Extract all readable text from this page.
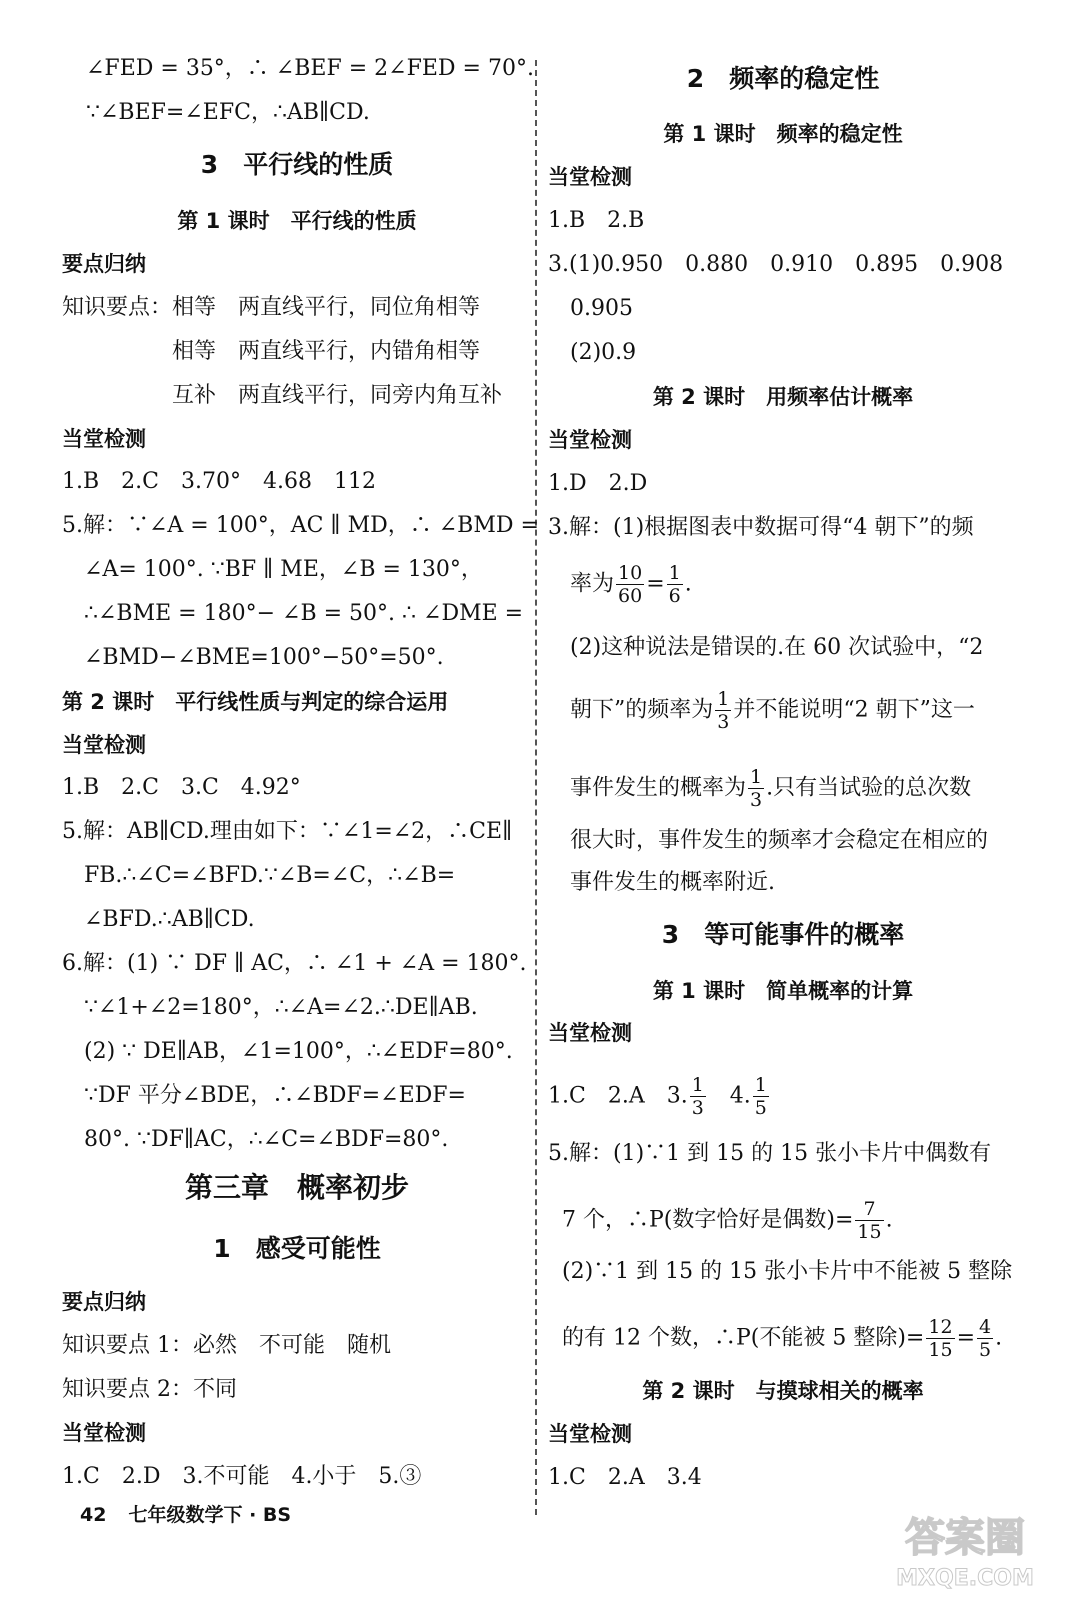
∠FED = 35°，∴ ∠BEF = 2∠FED = 70°.
∵∠BEF=∠EFC，∴AB∥CD.
3　平行线的性质
第 1 课时　平行线的性质
要点归纳
知识要点：相等　两直线平行，同位角相等
相等　两直线平行，内错角相等
互补　两直线平行，同旁内角互补
当堂检测
1.B　2.C　3.70°　4.68　112
5.解：∵∠A = 100°，AC ∥ MD，∴ ∠BMD =
∠A= 100°. ∵BF ∥ ME，∠B = 130°，
∴∠BME = 180°− ∠B = 50°. ∴ ∠DME =
∠BMD−∠BME=100°−50°=50°.
第 2 课时　平行线性质与判定的综合运用
当堂检测
1.B　2.C　3.C　4.92°
5.解：AB∥CD.理由如下：∵∠1=∠2，∴CE∥
FB.∴∠C=∠BFD.∵∠B=∠C，∴∠B=
∠BFD.∴AB∥CD.
6.解：(1) ∵ DF ∥ AC，∴ ∠1 + ∠A = 180°.
∵∠1+∠2=180°，∴∠A=∠2.∴DE∥AB.
(2) ∵ DE∥AB，∠1=100°，∴∠EDF=80°.
∵DF 平分∠BDE，∴∠BDF=∠EDF=
80°. ∵DF∥AC，∴∠C=∠BDF=80°.
第三章　概率初步
1　感受可能性
要点归纳
知识要点 1：必然　不可能　随机
知识要点 2：不同
当堂检测
1.C　2.D　3.不可能　4.小于　5.③
2　频率的稳定性
第 1 课时　频率的稳定性
当堂检测
1.B　2.B
3.(1)0.950　0.880　0.910　0.895　0.908
0.905
(2)0.9
第 2 课时　用频率估计概率
当堂检测
1.D　2.D
3.解：(1)根据图表中数据可得“4 朝下”的频
率为 $\frac{10}{60} = \frac{1}{6}$ .
(2)这种说法是错误的.在 60 次试验中，“2
朝下”的频率为 $\frac{1}{3}$ 并不能说明“2 朝下”这一
事件发生的概率为 $\frac{1}{3}$ .只有当试验的总次数
很大时，事件发生的频率才会稳定在相应的
事件发生的概率附近.
3　等可能事件的概率
第 1 课时　简单概率的计算
当堂检测
1.C　2.A　3. $\frac{1}{3}$ 　4. $\frac{1}{5}$
5.解：(1)∵1 到 15 的 15 张小卡片中偶数有
7 个，∴P(数字恰好是偶数)= $\frac{7}{15}$ .
(2)∵1 到 15 的 15 张小卡片中不能被 5 整除
的有 12 个数，∴P(不能被 5 整除)= $\frac{12}{15} = \frac{4}{5}$ .
第 2 课时　与摸球相关的概率
当堂检测
1.C　2.A　3.4
42 七年级数学下 · BS	答案圈
MXQE.COM
